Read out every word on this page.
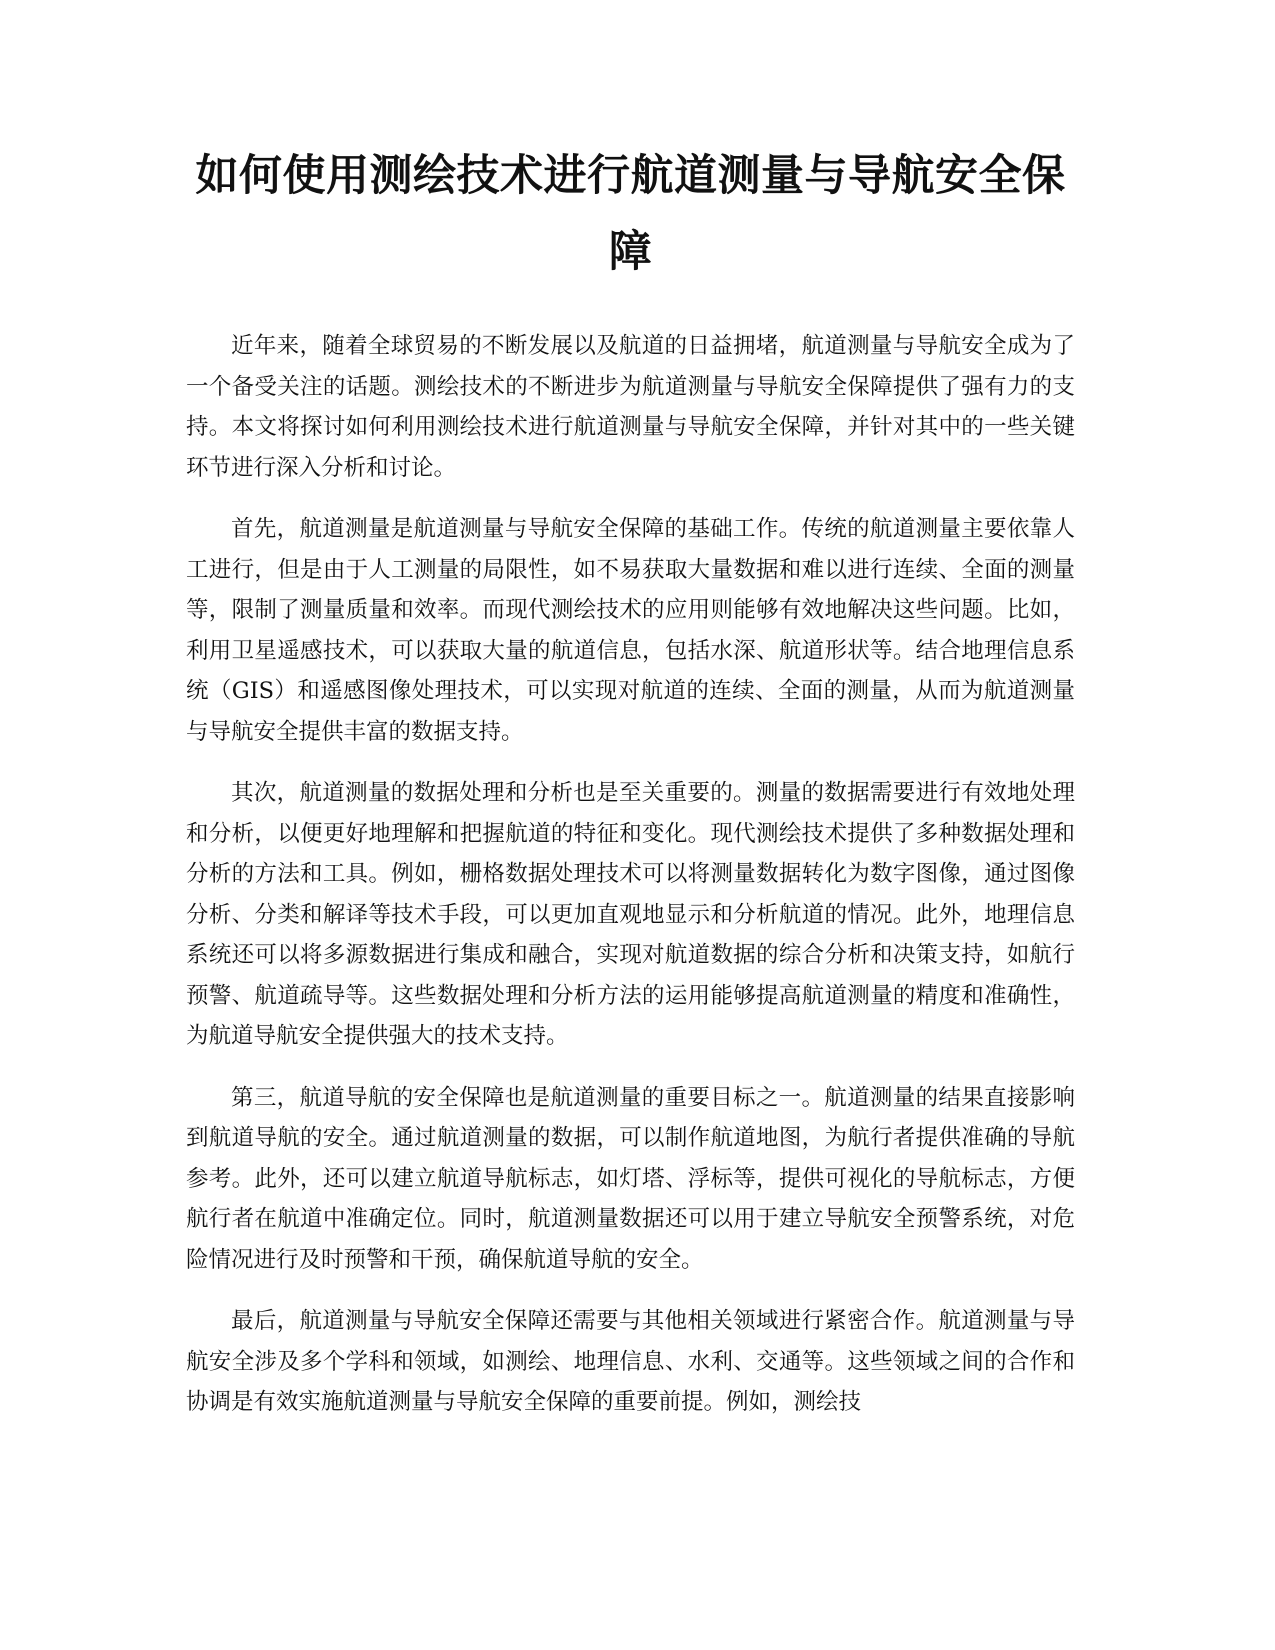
如何使用测绘技术进行航道测量与导航安全保障

近年来，随着全球贸易的不断发展以及航道的日益拥堵，航道测量与导航安全成为了一个备受关注的话题。测绘技术的不断进步为航道测量与导航安全保障提供了强有力的支持。本文将探讨如何利用测绘技术进行航道测量与导航安全保障，并针对其中的一些关键环节进行深入分析和讨论。

首先，航道测量是航道测量与导航安全保障的基础工作。传统的航道测量主要依靠人工进行，但是由于人工测量的局限性，如不易获取大量数据和难以进行连续、全面的测量等，限制了测量质量和效率。而现代测绘技术的应用则能够有效地解决这些问题。比如，利用卫星遥感技术，可以获取大量的航道信息，包括水深、航道形状等。结合地理信息系统（GIS）和遥感图像处理技术，可以实现对航道的连续、全面的测量，从而为航道测量与导航安全提供丰富的数据支持。

其次，航道测量的数据处理和分析也是至关重要的。测量的数据需要进行有效地处理和分析，以便更好地理解和把握航道的特征和变化。现代测绘技术提供了多种数据处理和分析的方法和工具。例如，栅格数据处理技术可以将测量数据转化为数字图像，通过图像分析、分类和解译等技术手段，可以更加直观地显示和分析航道的情况。此外，地理信息系统还可以将多源数据进行集成和融合，实现对航道数据的综合分析和决策支持，如航行预警、航道疏导等。这些数据处理和分析方法的运用能够提高航道测量的精度和准确性，为航道导航安全提供强大的技术支持。

第三，航道导航的安全保障也是航道测量的重要目标之一。航道测量的结果直接影响到航道导航的安全。通过航道测量的数据，可以制作航道地图，为航行者提供准确的导航参考。此外，还可以建立航道导航标志，如灯塔、浮标等，提供可视化的导航标志，方便航行者在航道中准确定位。同时，航道测量数据还可以用于建立导航安全预警系统，对危险情况进行及时预警和干预，确保航道导航的安全。

最后，航道测量与导航安全保障还需要与其他相关领域进行紧密合作。航道测量与导航安全涉及多个学科和领域，如测绘、地理信息、水利、交通等。这些领域之间的合作和协调是有效实施航道测量与导航安全保障的重要前提。例如，测绘技
